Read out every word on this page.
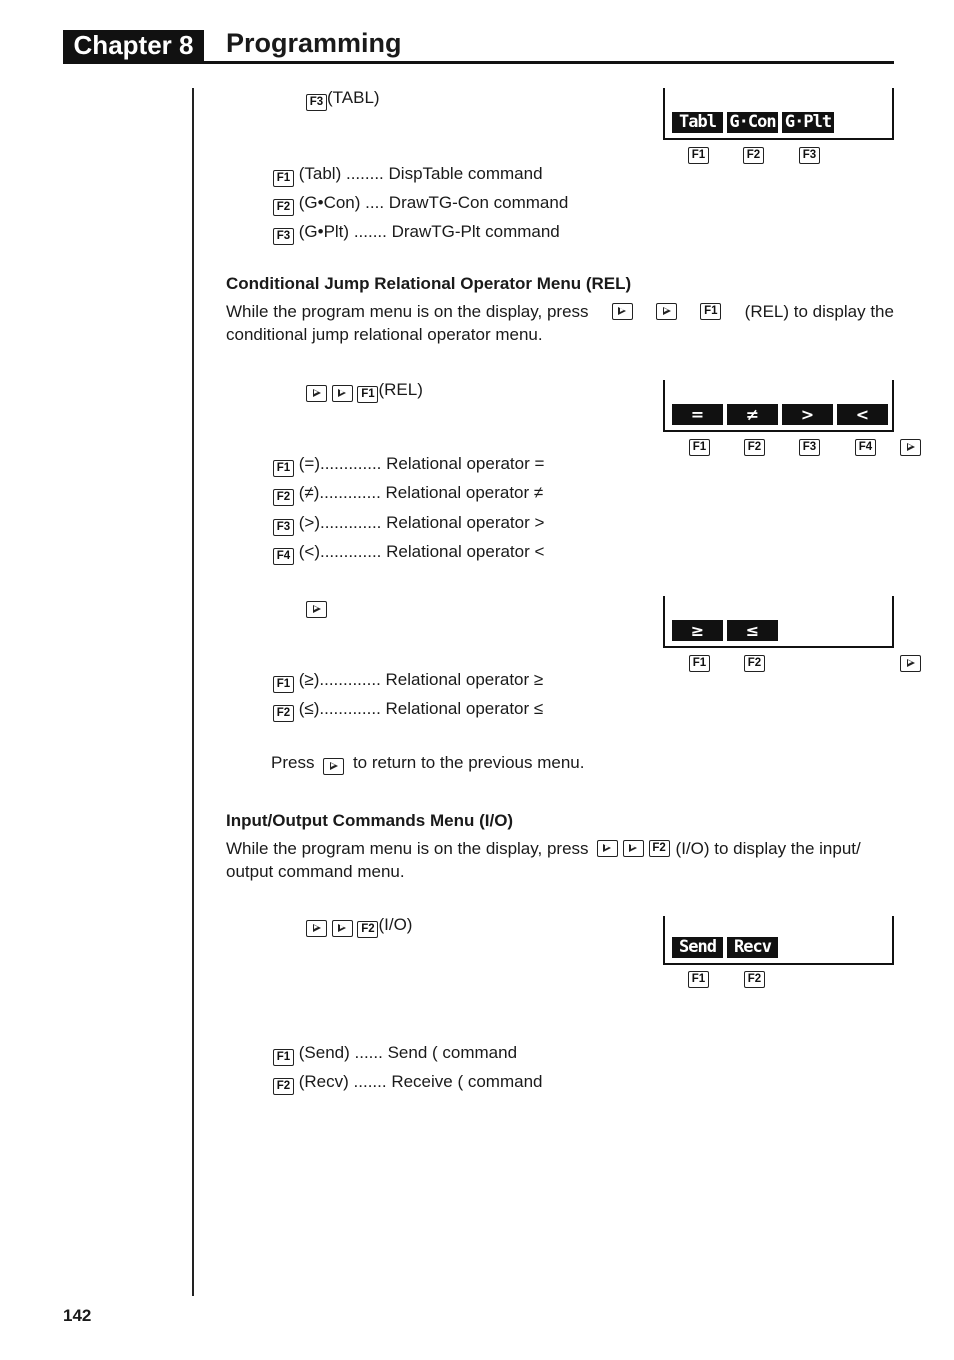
Chapter 8	Programming
F3 (TABL)
Tabl G·Con G·Plt
F1	F2	F3
F1 (Tabl) ........ DispTable command
F2 (G•Con) .... DrawTG-Con command
F3 (G•Plt) ....... DrawTG-Plt command
Conditional Jump Relational Operator Menu (REL)
While the program menu is on the display, press	F1 (REL) to display the
conditional jump relational operator menu.
F1 (REL)
=	≠	>	<
F1	F2	F3	F4
F1 (=)............. Relational operator =
F2 (≠)............. Relational operator ≠
F3 (>)............. Relational operator >
F4 (<)............. Relational operator <
≥	≤
F1	F2
F1 (≥)............. Relational operator ≥
F2 (≤)............. Relational operator ≤
Press to return to the previous menu.
Input/Output Commands Menu (I/O)
While the program menu is on the display, press	F2 (I/O) to display the input/
output command menu.
F2 (I/O)
Send	Recv
F1	F2
F1 (Send) ...... Send ( command
F2 (Recv) ....... Receive ( command
142
